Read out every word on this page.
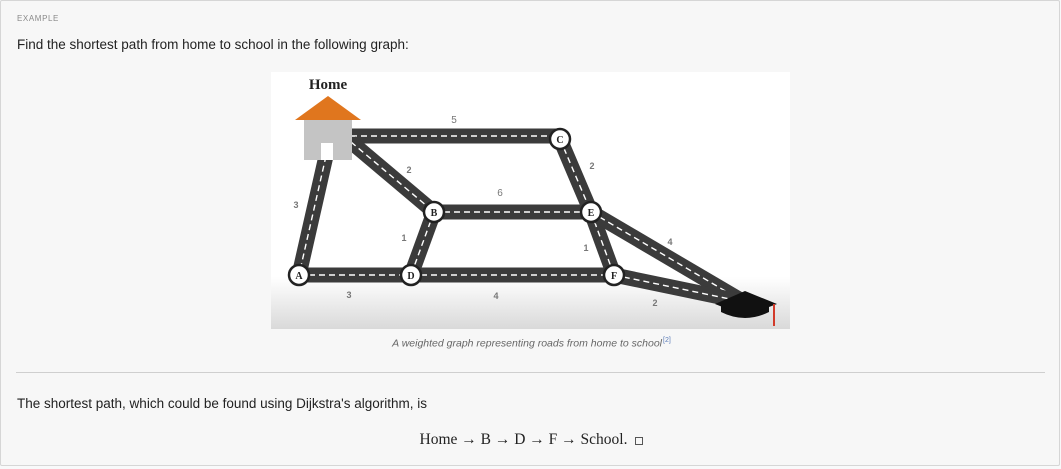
EXAMPLE
Find the shortest path from home to school in the following graph:
Home
A
B
C
D
E
F
5
2
3
2
6
1
3	4
1
4
2
A weighted graph representing roads from home to school[2]
The shortest path, which could be found using Dijkstra's algorithm, is
Home → B → D → F → School.
